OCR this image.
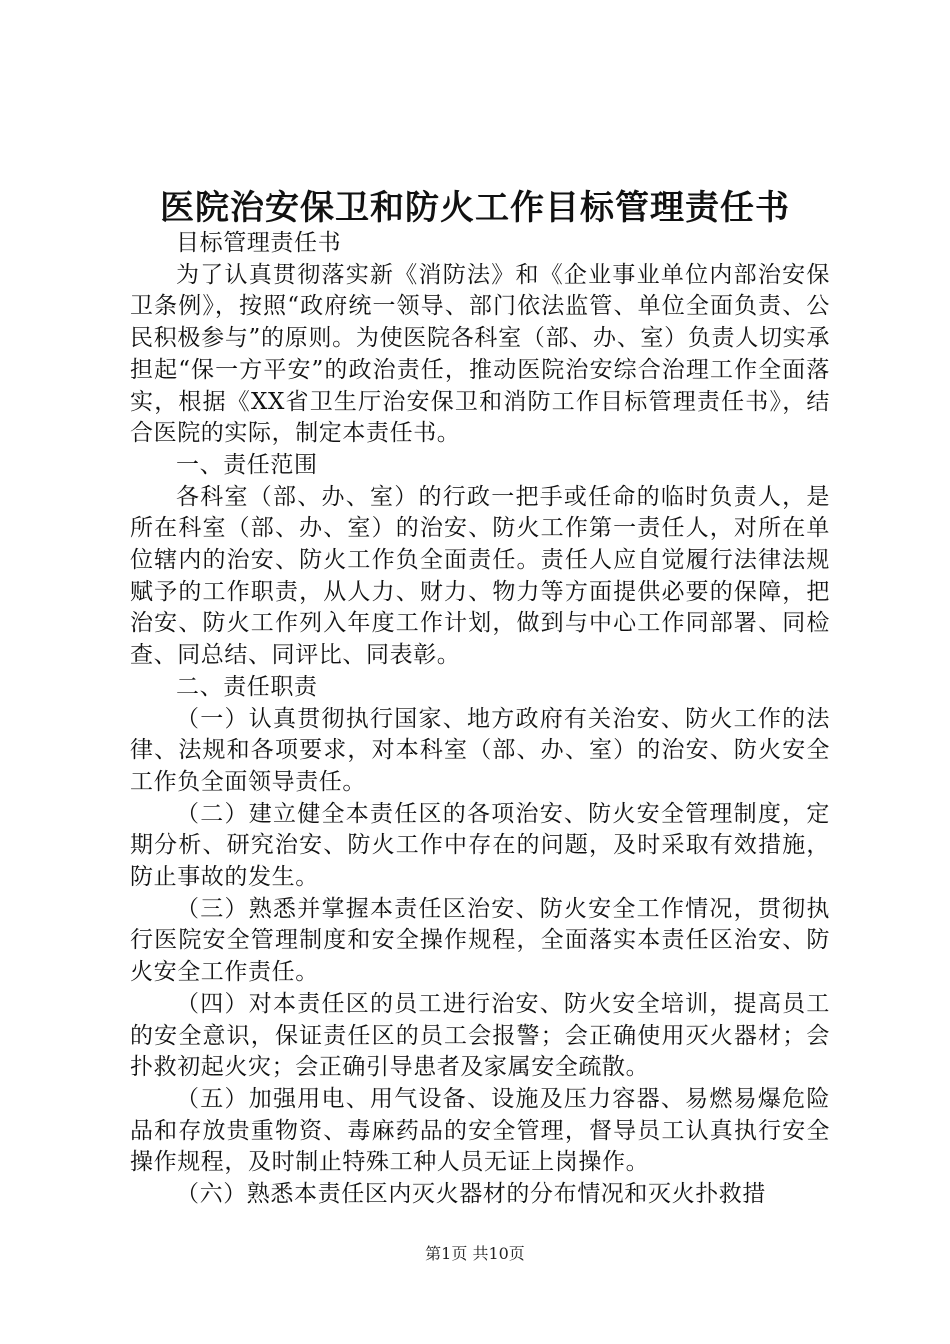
医院治安保卫和防火工作目标管理责任书

目标管理责任书

为了认真贯彻落实新《消防法》和《企业事业单位内部治安保卫条例》，按照“政府统一领导、部门依法监管、单位全面负责、公民积极参与”的原则。为使医院各科室（部、办、室）负责人切实承担起“保一方平安”的政治责任，推动医院治安综合治理工作全面落实，根据《XX省卫生厅治安保卫和消防工作目标管理责任书》，结合医院的实际，制定本责任书。

一、责任范围

各科室（部、办、室）的行政一把手或任命的临时负责人，是所在科室（部、办、室）的治安、防火工作第一责任人，对所在单位辖内的治安、防火工作负全面责任。责任人应自觉履行法律法规赋予的工作职责，从人力、财力、物力等方面提供必要的保障，把治安、防火工作列入年度工作计划，做到与中心工作同部署、同检查、同总结、同评比、同表彰。

二、责任职责

（一）认真贯彻执行国家、地方政府有关治安、防火工作的法律、法规和各项要求，对本科室（部、办、室）的治安、防火安全工作负全面领导责任。

（二）建立健全本责任区的各项治安、防火安全管理制度，定期分析、研究治安、防火工作中存在的问题，及时采取有效措施，防止事故的发生。

（三）熟悉并掌握本责任区治安、防火安全工作情况，贯彻执行医院安全管理制度和安全操作规程，全面落实本责任区治安、防火安全工作责任。

（四）对本责任区的员工进行治安、防火安全培训，提高员工的安全意识，保证责任区的员工会报警；会正确使用灭火器材；会扑救初起火灾；会正确引导患者及家属安全疏散。

（五）加强用电、用气设备、设施及压力容器、易燃易爆危险品和存放贵重物资、毒麻药品的安全管理，督导员工认真执行安全操作规程，及时制止特殊工种人员无证上岗操作。

（六）熟悉本责任区内灭火器材的分布情况和灭火扑救措

第1页 共10页
